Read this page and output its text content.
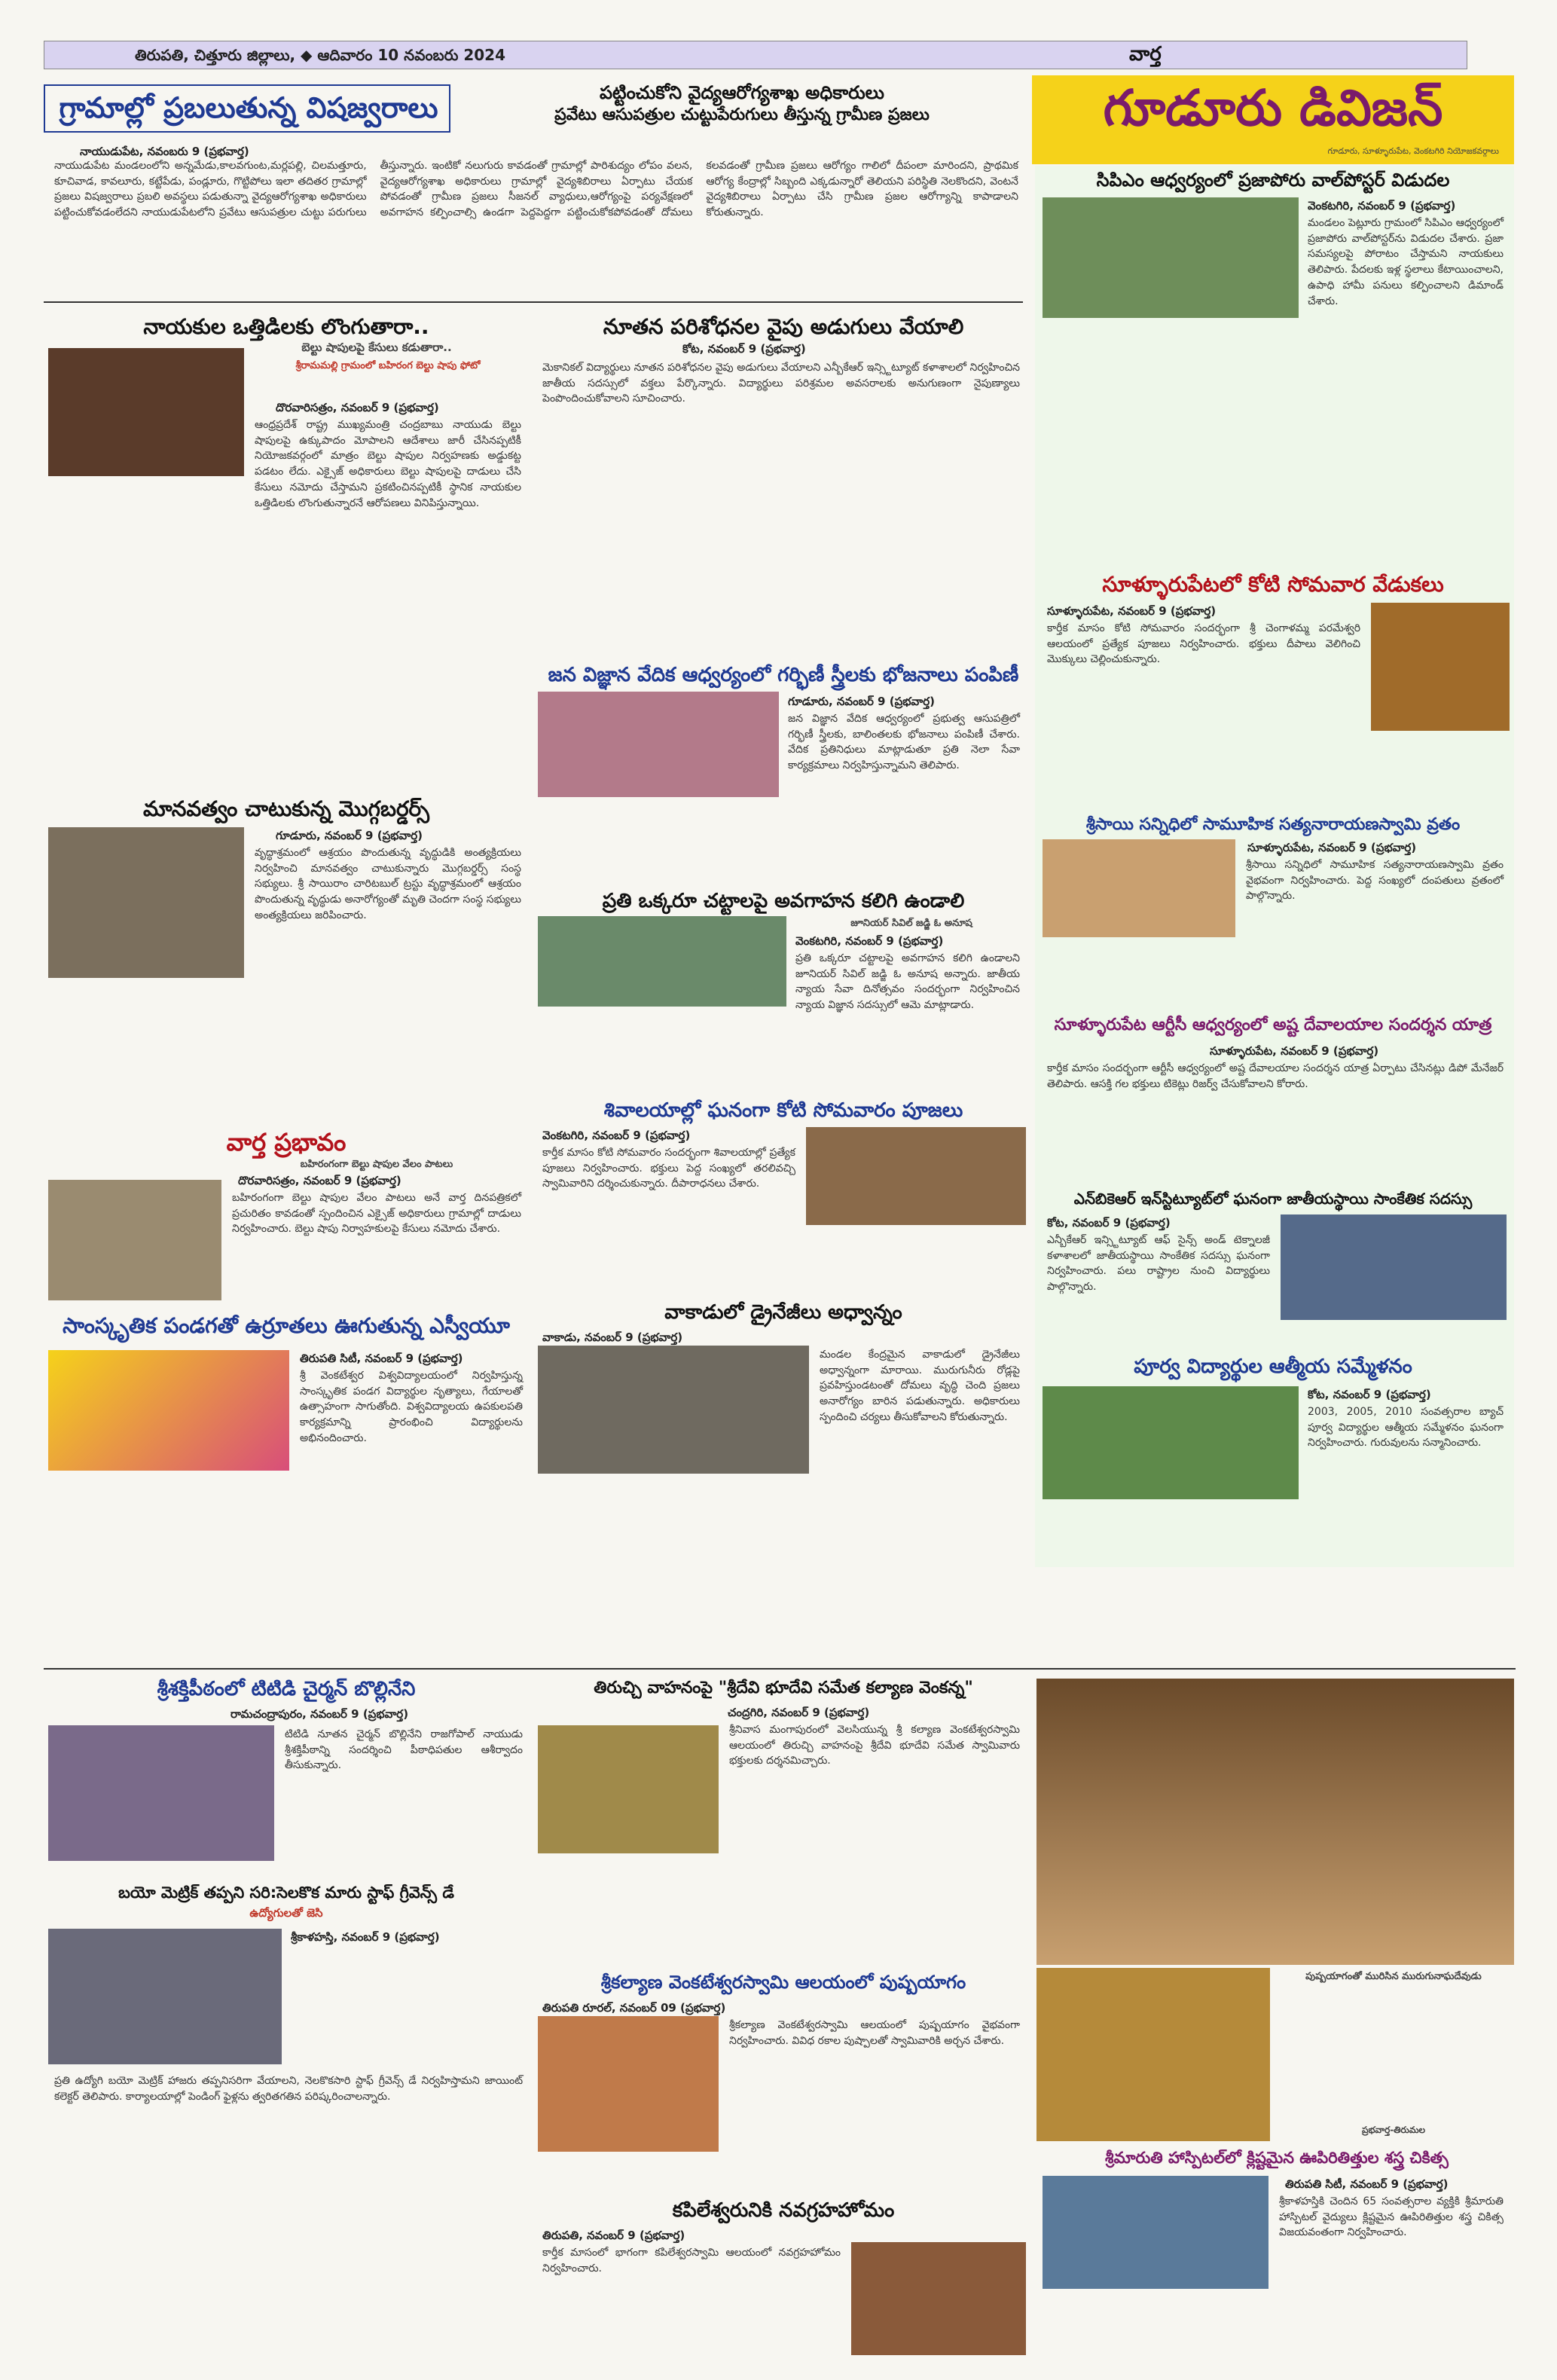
తిరుపతి, చిత్తూరు జిల్లాలు, ◆ ఆదివారం 10 నవంబరు 2024	వార్త
గూడూరు డివిజన్
గూడూరు, సూళ్ళూరుపేట, వెంకటగిరి నియోజకవర్గాలు
గ్రామాల్లో ప్రబలుతున్న విషజ్వరాలు	పట్టించుకోని వైద్యఆరోగ్యశాఖ అధికారులు
ప్రవేటు ఆసుపత్రుల చుట్టుపేరుగులు తీస్తున్న గ్రామీణ ప్రజలు
నాయుడుపేట, నవంబరు 9 (ప్రభవార్త)
నాయుడుపేట మండలంలోని అన్నమేడు,కాలవగుంట,మర్లపల్లి, చిలమత్తూరు, కూచివాడ, కావలూరు, కట్టేపేడు, పండ్లూరు, గొట్టిపోలు ఇలా తదితర గ్రామాల్లో ప్రజలు విషజ్వరాలు ప్రబలి అవస్థలు పడుతున్నా వైద్యఆరోగ్యశాఖ అధికారులు పట్టించుకోవడంలేదని నాయుడుపేటలోని ప్రవేటు ఆసుపత్రుల చుట్టు పరుగులు తీస్తున్నారు. ఇంటికో నలుగురు కావడంతో గ్రామాల్లో పారిశుద్యం లోపం వలన, వైద్యఆరోగ్యశాఖ అధికారులు గ్రామాల్లో వైద్యశిబిరాలు ఏర్పాటు చేయక పోవడంతో గ్రామీణ ప్రజలు సీజనల్ వ్యాధులు,ఆరోగ్యంపై పర్యవేక్షణలో అవగాహన కల్పించాల్సి ఉండగా పెద్దపెద్దగా పట్టించుకోకపోవడంతో దోమలు కలవడంతో గ్రామీణ ప్రజలు ఆరోగ్యం గాలిలో దీపంలా మారిందని, ప్రాథమిక ఆరోగ్య కేంద్రాల్లో సిబ్బంది ఎక్కడున్నారో తెలియని పరిస్థితి నెలకొందని, వెంటనే వైద్యశిబిరాలు ఏర్పాటు చేసి గ్రామీణ ప్రజల ఆరోగ్యాన్ని కాపాడాలని కోరుతున్నారు.
నాయకుల ఒత్తిడిలకు లొంగుతారా..
బెల్టు షాపులపై కేసులు కడుతారా..
శ్రీరామమల్లి గ్రామంలో బహిరంగ బెల్టు షాపు ఫోటో
దొరవారిసత్రం, నవంబర్ 9 (ప్రభవార్త)
ఆంధ్రప్రదేశ్ రాష్ట్ర ముఖ్యమంత్రి చంద్రబాబు నాయుడు బెల్టు షాపులపై ఉక్కుపాదం మోపాలని ఆదేశాలు జారీ చేసినప్పటికీ నియోజకవర్గంలో మాత్రం బెల్టు షాపుల నిర్వహణకు అడ్డుకట్ట పడటం లేదు. ఎక్సైజ్ అధికారులు బెల్టు షాపులపై దాడులు చేసి కేసులు నమోదు చేస్తామని ప్రకటించినప్పటికీ స్థానిక నాయకుల ఒత్తిడిలకు లొంగుతున్నారనే ఆరోపణలు వినిపిస్తున్నాయి.
మానవత్వం చాటుకున్న మొగ్గబర్డర్స్
గూడూరు, నవంబర్ 9 (ప్రభవార్త)
వృద్ధాశ్రమంలో ఆశ్రయం పొందుతున్న వృద్ధుడికి అంత్యక్రియలు నిర్వహించి మానవత్వం చాటుకున్నారు మొగ్గబర్డర్స్ సంస్థ సభ్యులు. శ్రీ సాయిరాం చారిటబుల్ ట్రస్టు వృద్ధాశ్రమంలో ఆశ్రయం పొందుతున్న వృద్ధుడు అనారోగ్యంతో మృతి చెందగా సంస్థ సభ్యులు అంత్యక్రియలు జరిపించారు.
వార్త ప్రభావం
బహిరంగంగా బెల్టు షాపుల వేలం పాటలు
దొరవారిసత్రం, నవంబర్ 9 (ప్రభవార్త)
బహిరంగంగా బెల్టు షాపుల వేలం పాటలు అనే వార్త దినపత్రికలో ప్రచురితం కావడంతో స్పందించిన ఎక్సైజ్ అధికారులు గ్రామాల్లో దాడులు నిర్వహించారు. బెల్టు షాపు నిర్వాహకులపై కేసులు నమోదు చేశారు.
సాంస్కృతిక పండగతో ఉర్రూతలు ఊగుతున్న ఎస్వీయూ
తిరుపతి సిటీ, నవంబర్ 9 (ప్రభవార్త)
శ్రీ వెంకటేశ్వర విశ్వవిద్యాలయంలో నిర్వహిస్తున్న సాంస్కృతిక పండగ విద్యార్థుల నృత్యాలు, గేయాలతో ఉత్సాహంగా సాగుతోంది. విశ్వవిద్యాలయ ఉపకులపతి కార్యక్రమాన్ని ప్రారంభించి విద్యార్థులను అభినందించారు.
నూతన పరిశోధనల వైపు అడుగులు వేయాలి
కోట, నవంబర్ 9 (ప్రభవార్త)
మెకానికల్ విద్యార్థులు నూతన పరిశోధనల వైపు అడుగులు వేయాలని ఎన్బీకేఆర్ ఇన్స్టిట్యూట్ కళాశాలలో నిర్వహించిన జాతీయ సదస్సులో వక్తలు పేర్కొన్నారు. విద్యార్థులు పరిశ్రమల అవసరాలకు అనుగుణంగా నైపుణ్యాలు పెంపొందించుకోవాలని సూచించారు.
జన విజ్ఞాన వేదిక ఆధ్వర్యంలో గర్భిణీ స్త్రీలకు భోజనాలు పంపిణీ
గూడూరు, నవంబర్ 9 (ప్రభవార్త)
జన విజ్ఞాన వేదిక ఆధ్వర్యంలో ప్రభుత్వ ఆసుపత్రిలో గర్భిణీ స్త్రీలకు, బాలింతలకు భోజనాలు పంపిణీ చేశారు. వేదిక ప్రతినిధులు మాట్లాడుతూ ప్రతి నెలా సేవా కార్యక్రమాలు నిర్వహిస్తున్నామని తెలిపారు.
ప్రతి ఒక్కరూ చట్టాలపై అవగాహన కలిగి ఉండాలి
జూనియర్ సివిల్ జడ్జి ఓ అనూష
వెంకటగిరి, నవంబర్ 9 (ప్రభవార్త)
ప్రతి ఒక్కరూ చట్టాలపై అవగాహన కలిగి ఉండాలని జూనియర్ సివిల్ జడ్జి ఓ అనూష అన్నారు. జాతీయ న్యాయ సేవా దినోత్సవం సందర్భంగా నిర్వహించిన న్యాయ విజ్ఞాన సదస్సులో ఆమె మాట్లాడారు.
శివాలయాల్లో ఘనంగా కోటి సోమవారం పూజలు
వెంకటగిరి, నవంబర్ 9 (ప్రభవార్త)
కార్తీక మాసం కోటి సోమవారం సందర్భంగా శివాలయాల్లో ప్రత్యేక పూజలు నిర్వహించారు. భక్తులు పెద్ద సంఖ్యలో తరలివచ్చి స్వామివారిని దర్శించుకున్నారు. దీపారాధనలు చేశారు.
వాకాడులో డ్రైనేజీలు అధ్వాన్నం
వాకాడు, నవంబర్ 9 (ప్రభవార్త)
మండల కేంద్రమైన వాకాడులో డ్రైనేజీలు అధ్వాన్నంగా మారాయి. మురుగునీరు రోడ్లపై ప్రవహిస్తుండటంతో దోమలు వృద్ధి చెంది ప్రజలు అనారోగ్యం బారిన పడుతున్నారు. అధికారులు స్పందించి చర్యలు తీసుకోవాలని కోరుతున్నారు.
సిపిఎం ఆధ్వర్యంలో ప్రజాపోరు వాల్‌పోస్టర్ విడుదల
వెంకటగిరి, నవంబర్ 9 (ప్రభవార్త)
మండలం పెట్లూరు గ్రామంలో సిపిఎం ఆధ్వర్యంలో ప్రజాపోరు వాల్‌పోస్టర్‌ను విడుదల చేశారు. ప్రజా సమస్యలపై పోరాటం చేస్తామని నాయకులు తెలిపారు. పేదలకు ఇళ్ల స్థలాలు కేటాయించాలని, ఉపాధి హామీ పనులు కల్పించాలని డిమాండ్ చేశారు.
సూళ్ళూరుపేటలో కోటి సోమవార వేడుకలు
సూళ్ళూరుపేట, నవంబర్ 9 (ప్రభవార్త)
కార్తీక మాసం కోటి సోమవారం సందర్భంగా శ్రీ చెంగాళమ్మ పరమేశ్వరి ఆలయంలో ప్రత్యేక పూజలు నిర్వహించారు. భక్తులు దీపాలు వెలిగించి మొక్కులు చెల్లించుకున్నారు.
శ్రీసాయి సన్నిధిలో సామూహిక సత్యనారాయణస్వామి వ్రతం
సూళ్ళూరుపేట, నవంబర్ 9 (ప్రభవార్త)
శ్రీసాయి సన్నిధిలో సామూహిక సత్యనారాయణస్వామి వ్రతం వైభవంగా నిర్వహించారు. పెద్ద సంఖ్యలో దంపతులు వ్రతంలో పాల్గొన్నారు.
సూళ్ళూరుపేట ఆర్టీసీ ఆధ్వర్యంలో అష్ట దేవాలయాల సందర్శన యాత్ర
సూళ్ళూరుపేట, నవంబర్ 9 (ప్రభవార్త)
కార్తీక మాసం సందర్భంగా ఆర్టీసీ ఆధ్వర్యంలో అష్ట దేవాలయాల సందర్శన యాత్ర ఏర్పాటు చేసినట్లు డిపో మేనేజర్ తెలిపారు. ఆసక్తి గల భక్తులు టికెట్లు రిజర్వ్ చేసుకోవాలని కోరారు.
ఎన్‌బికెఆర్ ఇన్‌స్టిట్యూట్‌లో ఘనంగా జాతీయస్థాయి సాంకేతిక సదస్సు
కోట, నవంబర్ 9 (ప్రభవార్త)
ఎన్బీకేఆర్ ఇన్స్టిట్యూట్ ఆఫ్ సైన్స్ అండ్ టెక్నాలజీ కళాశాలలో జాతీయస్థాయి సాంకేతిక సదస్సు ఘనంగా నిర్వహించారు. పలు రాష్ట్రాల నుంచి విద్యార్థులు పాల్గొన్నారు.
పూర్వ విద్యార్థుల ఆత్మీయ సమ్మేళనం
కోట, నవంబర్ 9 (ప్రభవార్త)
2003, 2005, 2010 సంవత్సరాల బ్యాచ్ పూర్వ విద్యార్థుల ఆత్మీయ సమ్మేళనం ఘనంగా నిర్వహించారు. గురువులను సన్మానించారు.
శ్రీశక్తిపీఠంలో టిటిడి చైర్మన్ బొల్లినేని
రామచంద్రాపురం, నవంబర్ 9 (ప్రభవార్త)
టిటిడి నూతన చైర్మన్ బొల్లినేని రాజగోపాల్ నాయుడు శ్రీశక్తిపీఠాన్ని సందర్శించి పీఠాధిపతుల ఆశీర్వాదం తీసుకున్నారు.
బయో మెట్రిక్ తప్పని సరి:సెలకొక మారు స్టాఫ్ గ్రీవెన్స్ డే
ఉద్యోగులతో జెసి
శ్రీకాళహస్తి, నవంబర్ 9 (ప్రభవార్త)
ప్రతి ఉద్యోగి బయో మెట్రిక్ హాజరు తప్పనిసరిగా వేయాలని, నెలకొకసారి స్టాఫ్ గ్రీవెన్స్ డే నిర్వహిస్తామని జాయింట్ కలెక్టర్ తెలిపారు. కార్యాలయాల్లో పెండింగ్ ఫైళ్లను త్వరితగతిన పరిష్కరించాలన్నారు.
తిరుచ్చి వాహనంపై "శ్రీదేవి భూదేవి సమేత కల్యాణ వెంకన్న"
చంద్రగిరి, నవంబర్ 9 (ప్రభవార్త)
శ్రీనివాస మంగాపురంలో వెలసియున్న శ్రీ కల్యాణ వెంకటేశ్వరస్వామి ఆలయంలో తిరుచ్చి వాహనంపై శ్రీదేవి భూదేవి సమేత స్వామివారు భక్తులకు దర్శనమిచ్చారు.
శ్రీకల్యాణ వెంకటేశ్వరస్వామి ఆలయంలో పుష్పయాగం
తిరుపతి రూరల్, నవంబర్ 09 (ప్రభవార్త)
శ్రీకల్యాణ వెంకటేశ్వరస్వామి ఆలయంలో పుష్పయాగం వైభవంగా నిర్వహించారు. వివిధ రకాల పుష్పాలతో స్వామివారికి అర్చన చేశారు.
కపిలేశ్వరునికి నవగ్రహహోమం
తిరుపతి, నవంబర్ 9 (ప్రభవార్త)
కార్తీక మాసంలో భాగంగా కపిలేశ్వరస్వామి ఆలయంలో నవగ్రహహోమం నిర్వహించారు.
పుష్పయాగంతో మురిసిన మురుగునాఘదేవుడు
ప్రభవార్త-తిరుమల
శ్రీమారుతి హాస్పిటల్‌లో క్లిష్టమైన ఊపిరితిత్తుల శస్త్ర చికిత్స
తిరుపతి సిటీ, నవంబర్ 9 (ప్రభవార్త)
శ్రీకాళహస్తికి చెందిన 65 సంవత్సరాల వ్యక్తికి శ్రీమారుతి హాస్పిటల్ వైద్యులు క్లిష్టమైన ఊపిరితిత్తుల శస్త్ర చికిత్స విజయవంతంగా నిర్వహించారు.
